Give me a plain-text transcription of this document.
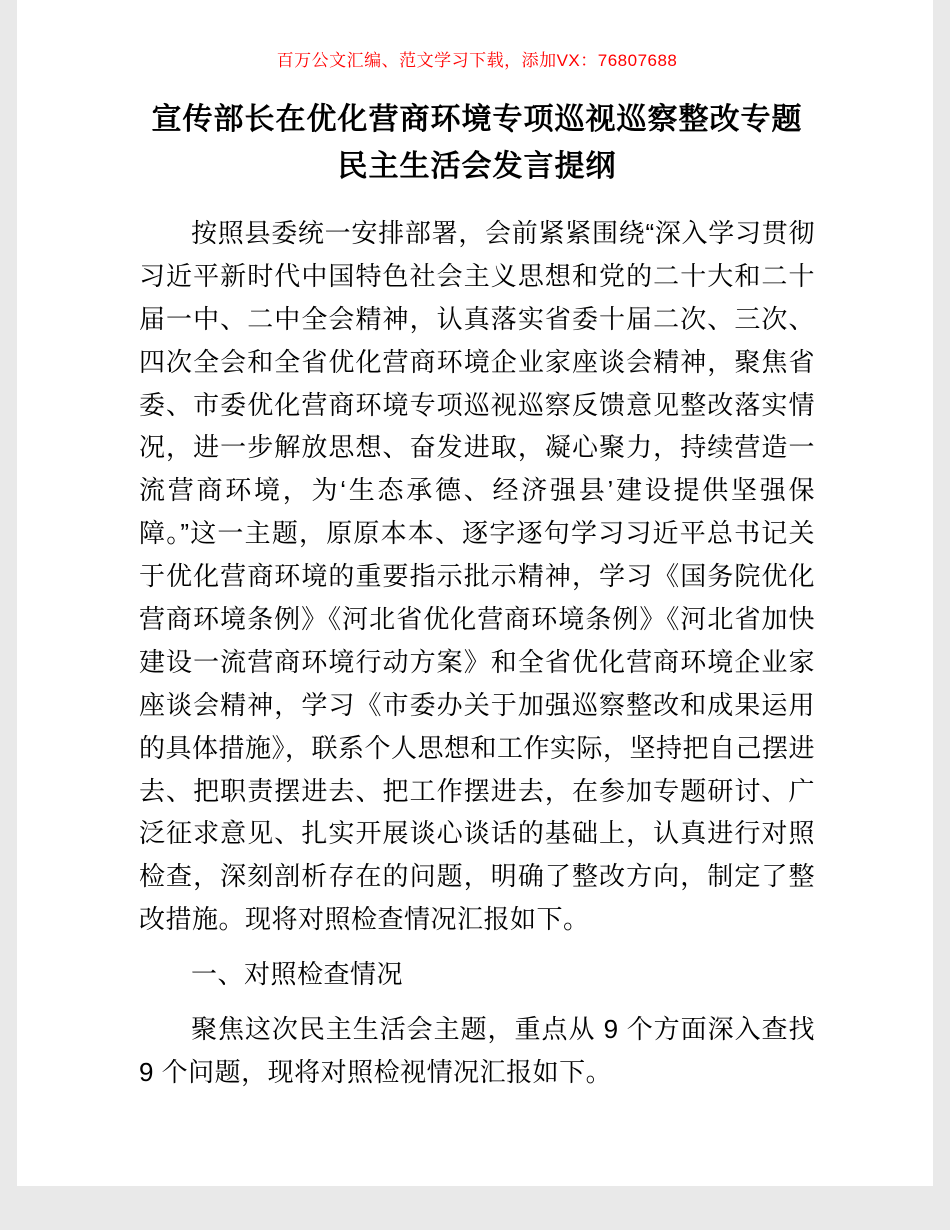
百万公文汇编、范文学习下载，添加VX：76807688

宣传部长在优化营商环境专项巡视巡察整改专题民主生活会发言提纲

按照县委统一安排部署，会前紧紧围绕“深入学习贯彻习近平新时代中国特色社会主义思想和党的二十大和二十届一中、二中全会精神，认真落实省委十届二次、三次、四次全会和全省优化营商环境企业家座谈会精神，聚焦省委、市委优化营商环境专项巡视巡察反馈意见整改落实情况，进一步解放思想、奋发进取，凝心聚力，持续营造一流营商环境，为‘生态承德、经济强县’建设提供坚强保障。”这一主题，原原本本、逐字逐句学习习近平总书记关于优化营商环境的重要指示批示精神，学习《国务院优化营商环境条例》《河北省优化营商环境条例》《河北省加快建设一流营商环境行动方案》和全省优化营商环境企业家座谈会精神，学习《市委办关于加强巡察整改和成果运用的具体措施》，联系个人思想和工作实际，坚持把自己摆进去、把职责摆进去、把工作摆进去，在参加专题研讨、广泛征求意见、扎实开展谈心谈话的基础上，认真进行对照检查，深刻剖析存在的问题，明确了整改方向，制定了整改措施。现将对照检查情况汇报如下。

一、对照检查情况

聚焦这次民主生活会主题，重点从 9 个方面深入查找 9 个问题，现将对照检视情况汇报如下。
